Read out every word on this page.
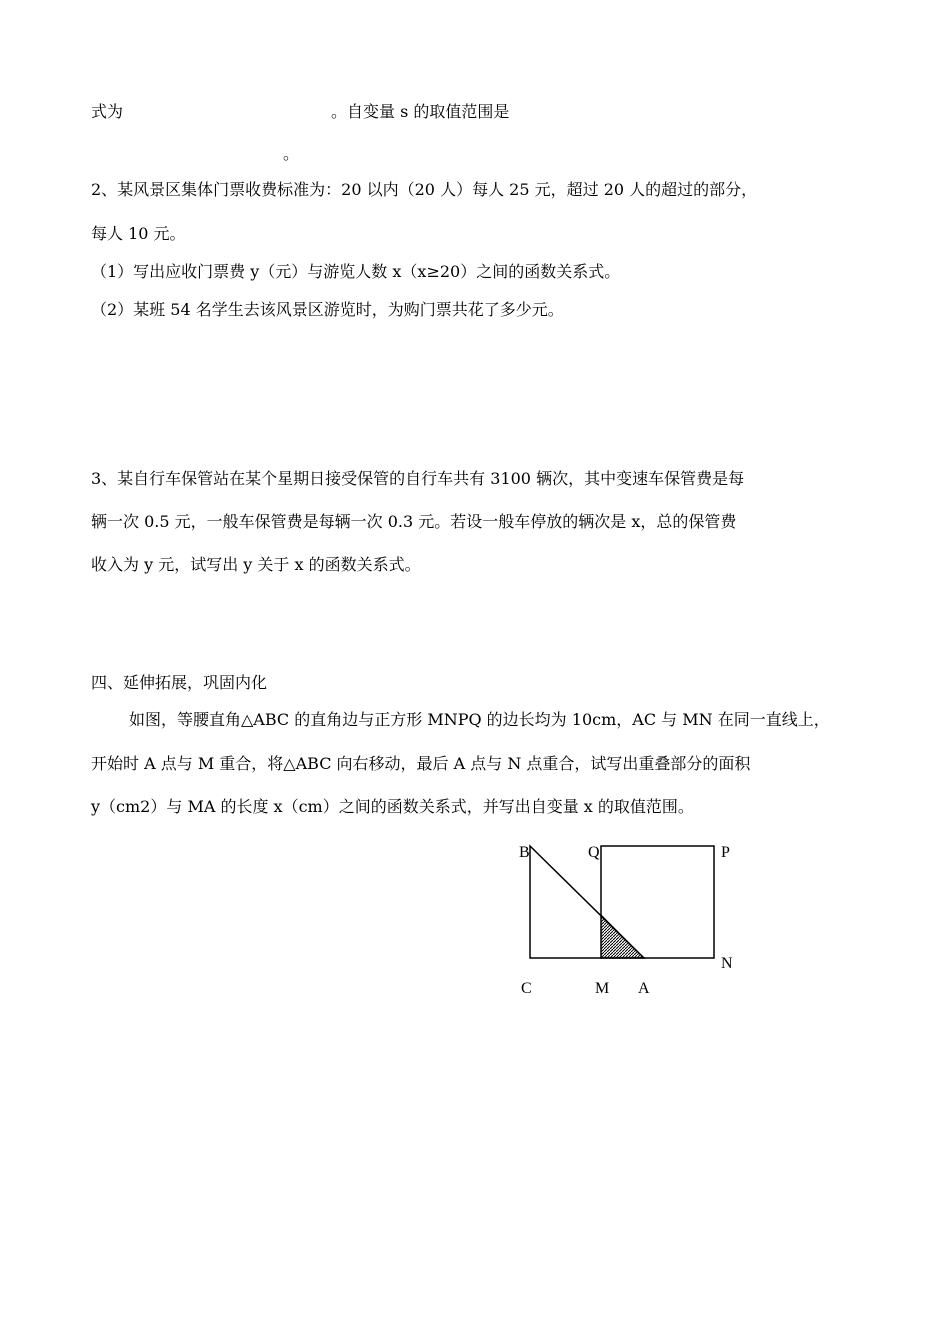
式为	。自变量 s 的取值范围是
。
2、某风景区集体门票收费标准为：20 以内（20 人）每人 25 元，超过 20 人的超过的部分，
每人 10 元。
（1）写出应收门票费 y（元）与游览人数 x（x≥20）之间的函数关系式。
（2）某班 54 名学生去该风景区游览时，为购门票共花了多少元。
3、某自行车保管站在某个星期日接受保管的自行车共有 3100 辆次，其中变速车保管费是每
辆一次 0.5 元，一般车保管费是每辆一次 0.3 元。若设一般车停放的辆次是 x，总的保管费
收入为 y 元，试写出 y 关于 x 的函数关系式。
四、延伸拓展，巩固内化
如图，等腰直角△ABC 的直角边与正方形 MNPQ 的边长均为 10cm，AC 与 MN 在同一直线上，
开始时 A 点与 M 重合，将△ABC 向右移动，最后 A 点与 N 点重合，试写出重叠部分的面积
y（cm2）与 MA 的长度 x（cm）之间的函数关系式，并写出自变量 x 的取值范围。
B	Q	P
N
C	M A
